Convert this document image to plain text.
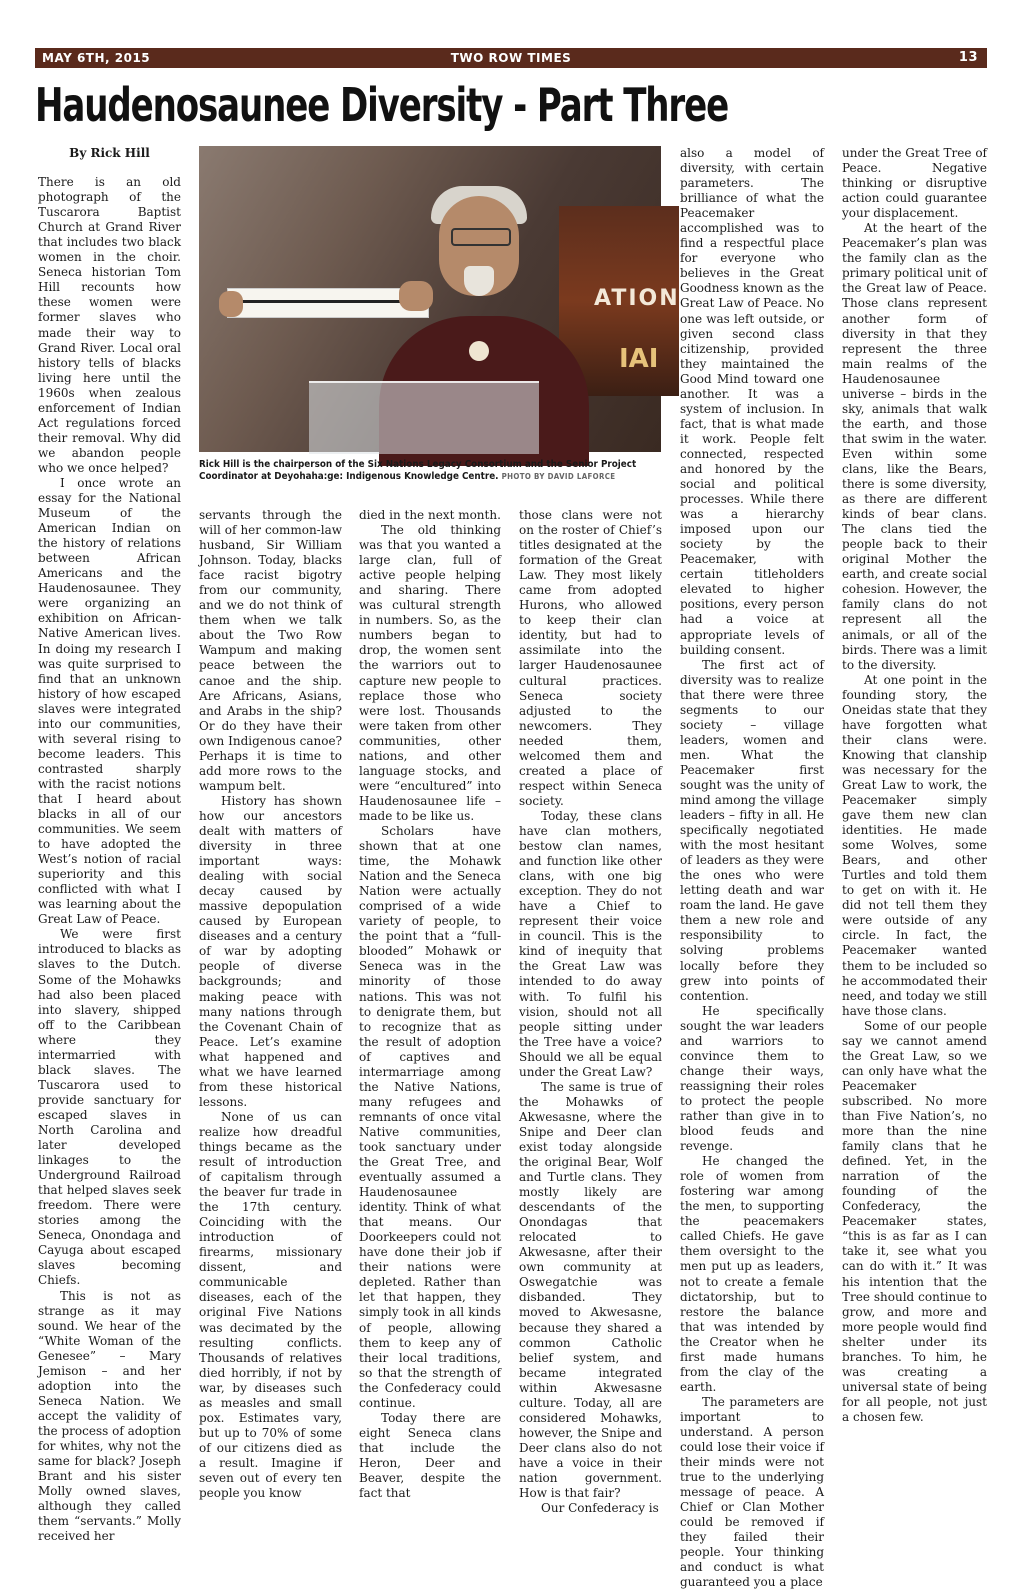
MAY 6TH, 2015	TWO ROW TIMES	13
Haudenosaunee Diversity - Part Three

By Rick Hill

There is an old photograph of the Tuscarora Baptist Church at Grand River that includes two black women in the choir. Seneca historian Tom Hill recounts how these women were former slaves who made their way to Grand River. Local oral history tells of blacks living here until the 1960s when zealous enforcement of Indian Act regulations forced their removal. Why did we abandon people who we once helped?

I once wrote an essay for the National Museum of the American Indian on the history of relations between African Americans and the Haudenosaunee. They were organizing an exhibition on African-Native American lives. In doing my research I was quite surprised to find that an unknown history of how escaped slaves were integrated into our communities, with several rising to become leaders. This contrasted sharply with the racist notions that I heard about blacks in all of our communities. We seem to have adopted the West’s notion of racial superiority and this conflicted with what I was learning about the Great Law of Peace.

We were first introduced to blacks as slaves to the Dutch. Some of the Mohawks had also been placed into slavery, shipped off to the Caribbean where they intermarried with black slaves. The Tuscarora used to provide sanctuary for escaped slaves in North Carolina and later developed linkages to the Underground Railroad that helped slaves seek freedom. There were stories among the Seneca, Onondaga and Cayuga about escaped slaves becoming Chiefs.

This is not as strange as it may sound. We hear of the “White Woman of the Genesee” – Mary Jemison – and her adoption into the Seneca Nation. We accept the validity of the process of adoption for whites, why not the same for black? Joseph Brant and his sister Molly owned slaves, although they called them “servants.” Molly received her

ATION
IAI
Rick Hill is the chairperson of the Six Nations Legacy Consortium and the Senior Project Coordinator at Deyohaha:ge: Indigenous Knowledge Centre. PHOTO BY DAVID LAFORCE

servants through the will of her common-law husband, Sir William Johnson. Today, blacks face racist bigotry from our community, and we do not think of them when we talk about the Two Row Wampum and making peace between the canoe and the ship. Are Africans, Asians, and Arabs in the ship? Or do they have their own Indigenous canoe? Perhaps it is time to add more rows to the wampum belt.

History has shown how our ancestors dealt with matters of diversity in three important ways: dealing with social decay caused by massive depopulation caused by European diseases and a century of war by adopting people of diverse backgrounds; and making peace with many nations through the Covenant Chain of Peace. Let’s examine what happened and what we have learned from these historical lessons.

None of us can realize how dreadful things became as the result of introduction of capitalism through the beaver fur trade in the 17th century. Coinciding with the introduction of firearms, missionary dissent, and communicable diseases, each of the original Five Nations was decimated by the resulting conflicts. Thousands of relatives died horribly, if not by war, by diseases such as measles and small pox. Estimates vary, but up to 70% of some of our citizens died as a result. Imagine if seven out of every ten people you know

died in the next month.

The old thinking was that you wanted a large clan, full of active people helping and sharing. There was cultural strength in numbers. So, as the numbers began to drop, the women sent the warriors out to capture new people to replace those who were lost. Thousands were taken from other communities, other nations, and other language stocks, and were “encultured” into Haudenosaunee life – made to be like us.

Scholars have shown that at one time, the Mohawk Nation and the Seneca Nation were actually comprised of a wide variety of people, to the point that a “full-blooded” Mohawk or Seneca was in the minority of those nations. This was not to denigrate them, but to recognize that as the result of adoption of captives and intermarriage among the Native Nations, many refugees and remnants of once vital Native communities, took sanctuary under the Great Tree, and eventually assumed a Haudenosaunee identity. Think of what that means. Our Doorkeepers could not have done their job if their nations were depleted. Rather than let that happen, they simply took in all kinds of people, allowing them to keep any of their local traditions, so that the strength of the Confederacy could continue.

Today there are eight Seneca clans that include the Heron, Deer and Beaver, despite the fact that

those clans were not on the roster of Chief’s titles designated at the formation of the Great Law. They most likely came from adopted Hurons, who allowed to keep their clan identity, but had to assimilate into the larger Haudenosaunee cultural practices. Seneca society adjusted to the newcomers. They needed them, welcomed them and created a place of respect within Seneca society.

Today, these clans have clan mothers, bestow clan names, and function like other clans, with one big exception. They do not have a Chief to represent their voice in council. This is the kind of inequity that the Great Law was intended to do away with. To fulfil his vision, should not all people sitting under the Tree have a voice? Should we all be equal under the Great Law?

The same is true of the Mohawks of Akwesasne, where the Snipe and Deer clan exist today alongside the original Bear, Wolf and Turtle clans. They mostly likely are descendants of the Onondagas that relocated to Akwesasne, after their own community at Oswegatchie was disbanded. They moved to Akwesasne, because they shared a common Catholic belief system, and became integrated within Akwesasne culture. Today, all are considered Mohawks, however, the Snipe and Deer clans also do not have a voice in their nation government. How is that fair?

Our Confederacy is

also a model of diversity, with certain parameters. The brilliance of what the Peacemaker accomplished was to find a respectful place for everyone who believes in the Great Goodness known as the Great Law of Peace. No one was left outside, or given second class citizenship, provided they maintained the Good Mind toward one another. It was a system of inclusion. In fact, that is what made it work. People felt connected, respected and honored by the social and political processes. While there was a hierarchy imposed upon our society by the Peacemaker, with certain titleholders elevated to higher positions, every person had a voice at appropriate levels of building consent.

The first act of diversity was to realize that there were three segments to our society – village leaders, women and men. What the Peacemaker first sought was the unity of mind among the village leaders – fifty in all. He specifically negotiated with the most hesitant of leaders as they were the ones who were letting death and war roam the land. He gave them a new role and responsibility to solving problems locally before they grew into points of contention.

He specifically sought the war leaders and warriors to convince them to change their ways, reassigning their roles to protect the people rather than give in to blood feuds and revenge.

He changed the role of women from fostering war among the men, to supporting the peacemakers called Chiefs. He gave them oversight to the men put up as leaders, not to create a female dictatorship, but to restore the balance that was intended by the Creator when he first made humans from the clay of the earth.

The parameters are important to understand. A person could lose their voice if their minds were not true to the underlying message of peace. A Chief or Clan Mother could be removed if they failed their people. Your thinking and conduct is what guaranteed you a place

under the Great Tree of Peace. Negative thinking or disruptive action could guarantee your displacement.

At the heart of the Peacemaker’s plan was the family clan as the primary political unit of the Great law of Peace. Those clans represent another form of diversity in that they represent the three main realms of the Haudenosaunee universe – birds in the sky, animals that walk the earth, and those that swim in the water. Even within some clans, like the Bears, there is some diversity, as there are different kinds of bear clans. The clans tied the people back to their original Mother the earth, and create social cohesion. However, the family clans do not represent all the animals, or all of the birds. There was a limit to the diversity.

At one point in the founding story, the Oneidas state that they have forgotten what their clans were. Knowing that clanship was necessary for the Great Law to work, the Peacemaker simply gave them new clan identities. He made some Wolves, some Bears, and other Turtles and told them to get on with it. He did not tell them they were outside of any circle. In fact, the Peacemaker wanted them to be included so he accommodated their need, and today we still have those clans.

Some of our people say we cannot amend the Great Law, so we can only have what the Peacemaker subscribed. No more than Five Nation’s, no more than the nine family clans that he defined. Yet, in the narration of the founding of the Confederacy, the Peacemaker states, “this is as far as I can take it, see what you can do with it.” It was his intention that the Tree should continue to grow, and more and more people would find shelter under its branches. To him, he was creating a universal state of being for all people, not just a chosen few.
